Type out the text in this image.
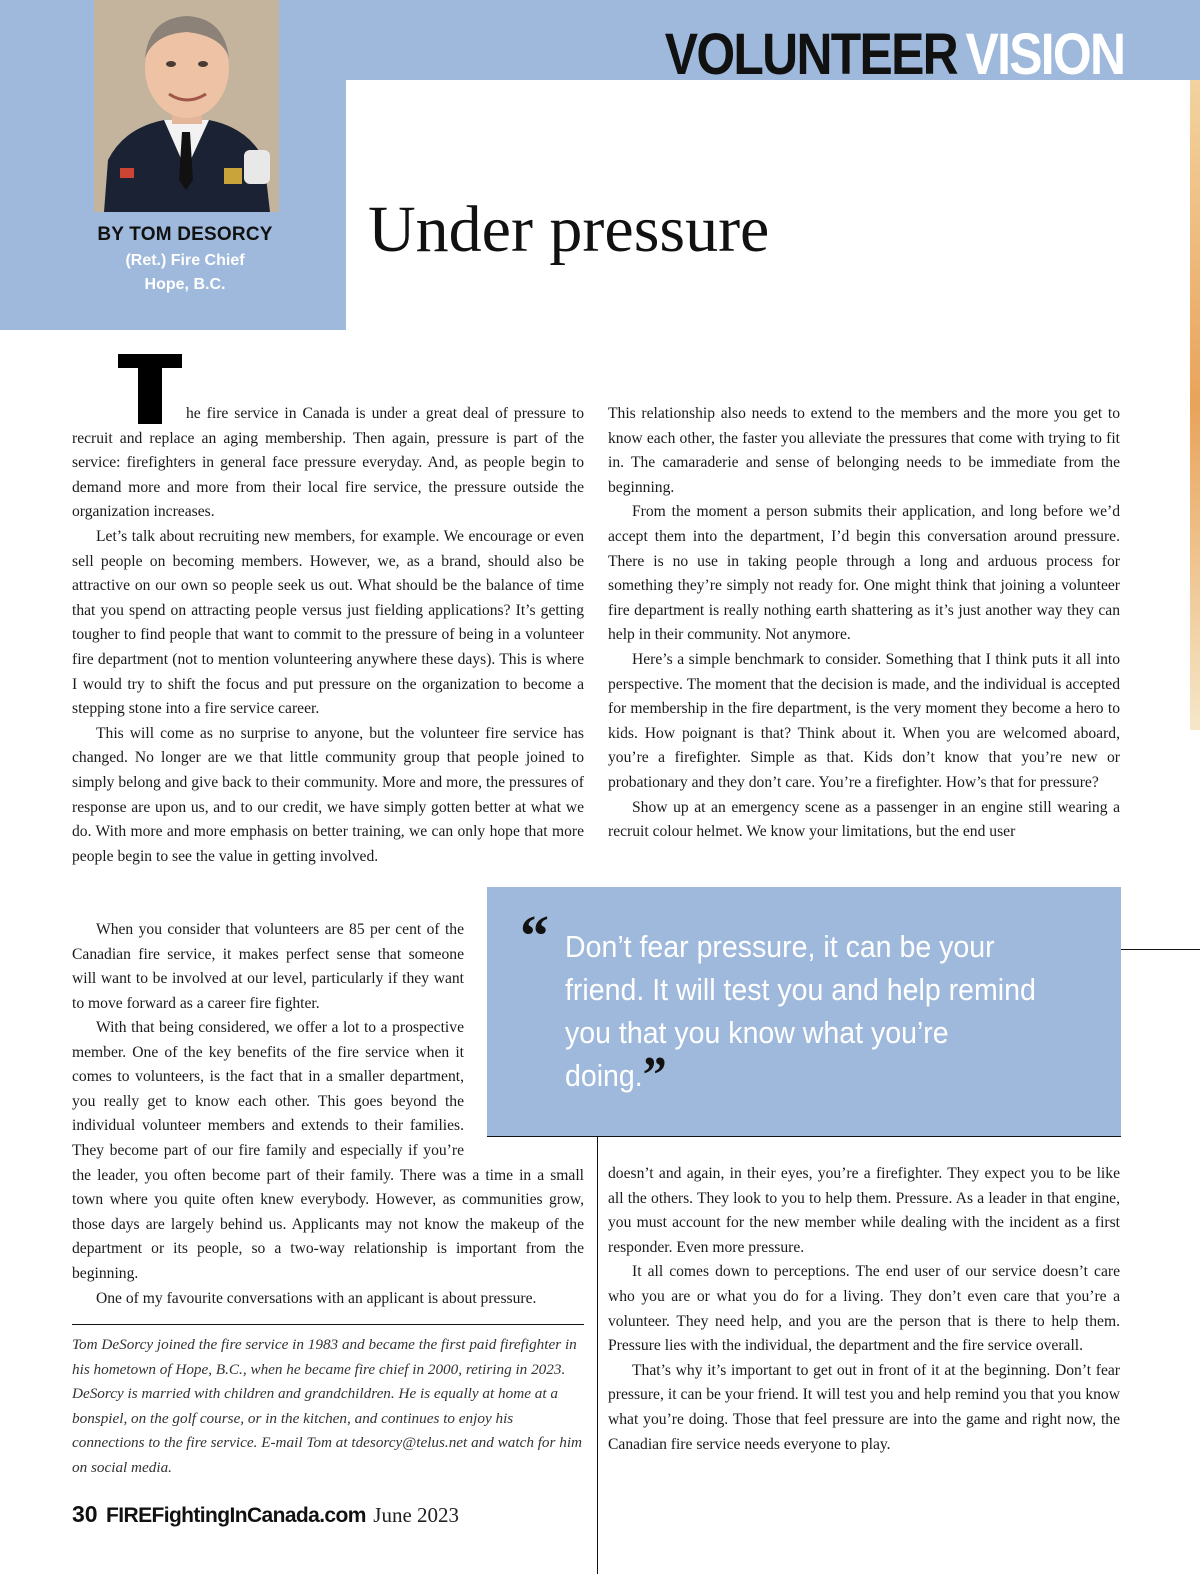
BY TOM DESORCY
(Ret.) Fire Chief
Hope, B.C.
VOLUNTEER VISION
Under pressure

he fire service in Canada is under a great deal of pressure to recruit and replace an aging membership. Then again, pressure is part of the service: firefighters in general face pressure everyday. And, as people begin to demand more and more from their local fire service, the pressure outside the organization increases.

Let’s talk about recruiting new members, for example. We encourage or even sell people on becoming members. However, we, as a brand, should also be attractive on our own so people seek us out. What should be the balance of time that you spend on attracting people versus just fielding applications? It’s getting tougher to find people that want to commit to the pressure of being in a volunteer fire department (not to mention volunteering anywhere these days). This is where I would try to shift the focus and put pressure on the organization to become a stepping stone into a fire service career.

This will come as no surprise to anyone, but the volunteer fire service has changed. No longer are we that little community group that people joined to simply belong and give back to their community. More and more, the pressures of response are upon us, and to our credit, we have simply gotten better at what we do. With more and more emphasis on better training, we can only hope that more people begin to see the value in getting involved.

When you consider that volunteers are 85 per cent of the Canadian fire service, it makes perfect sense that someone will want to be involved at our level, particularly if they want to move forward as a career fire fighter.

This relationship also needs to extend to the members and the more you get to know each other, the faster you alleviate the pressures that come with trying to fit in. The camaraderie and sense of belonging needs to be immediate from the beginning.

From the moment a person submits their application, and long before we’d accept them into the department, I’d begin this conversation around pressure. There is no use in taking people through a long and arduous process for something they’re simply not ready for. One might think that joining a volunteer fire department is really nothing earth shattering as it’s just another way they can help in their community. Not anymore.

Here’s a simple benchmark to consider. Something that I think puts it all into perspective. The moment that the decision is made, and the individual is accepted for membership in the fire department, is the very moment they become a hero to kids. How poignant is that? Think about it. When you are welcomed aboard, you’re a firefighter. Simple as that. Kids don’t know that you’re new or probationary and they don’t care. You’re a firefighter. How’s that for pressure?

Show up at an emergency scene as a passenger in an engine still wearing a recruit colour helmet. We know your limitations, but the end user

“ Don’t fear pressure, it can be your friend. It will test you and help remind you that you know what you’re doing.”

With that being considered, we offer a lot to a prospective member. One of the key benefits of the fire service when it comes to volunteers, is the fact that in a smaller department, you really get to know each other. This goes beyond the individual volunteer members and extends to their families. They become part of our fire family and especially if you’re the leader, you often become part of their family. There was a time in a small town where you quite often knew everybody. However, as communities grow, those days are largely behind us. Applicants may not know the makeup of the department or its people, so a two-way relationship is important from the beginning.

One of my favourite conversations with an applicant is about pressure.

Tom DeSorcy joined the fire service in 1983 and became the first paid firefighter in his hometown of Hope, B.C., when he became fire chief in 2000, retiring in 2023. DeSorcy is married with children and grandchildren. He is equally at home at a bonspiel, on the golf course, or in the kitchen, and continues to enjoy his connections to the fire service. E-mail Tom at tdesorcy@telus.net and watch for him on social media.

doesn’t and again, in their eyes, you’re a firefighter. They expect you to be like all the others. They look to you to help them. Pressure. As a leader in that engine, you must account for the new member while dealing with the incident as a first responder. Even more pressure.

It all comes down to perceptions. The end user of our service doesn’t care who you are or what you do for a living. They don’t even care that you’re a volunteer. They need help, and you are the person that is there to help them. Pressure lies with the individual, the department and the fire service overall.

That’s why it’s important to get out in front of it at the beginning. Don’t fear pressure, it can be your friend. It will test you and help remind you that you know what you’re doing. Those that feel pressure are into the game and right now, the Canadian fire service needs everyone to play.

30 FIREFightingInCanada.com June 2023
